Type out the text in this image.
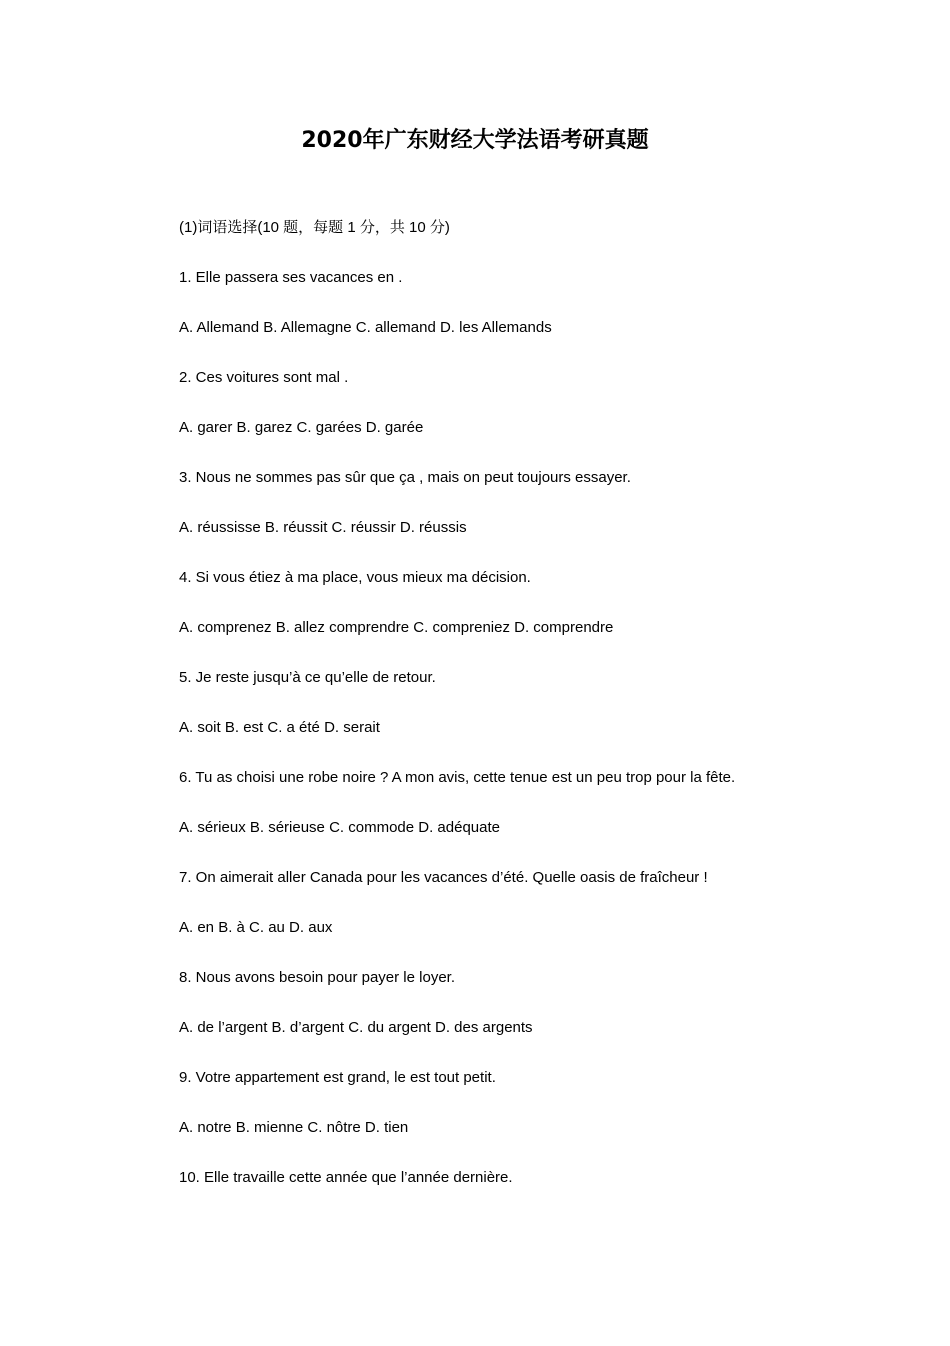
2020年广东财经大学法语考研真题

(1)词语选择(10 题，每题 1 分，共 10 分)

1. Elle passera ses vacances en .

A. Allemand B. Allemagne C. allemand D. les Allemands

2. Ces voitures sont mal .

A. garer B. garez C. garées D. garée

3. Nous ne sommes pas sûr que ça , mais on peut toujours essayer.

A. réussisse B. réussit C. réussir D. réussis

4. Si vous étiez à ma place, vous mieux ma décision.

A. comprenez B. allez comprendre C. compreniez D. comprendre

5. Je reste jusqu’à ce qu’elle de retour.

A. soit B. est C. a été D. serait

6. Tu as choisi une robe noire ? A mon avis, cette tenue est un peu trop pour la fête.

A. sérieux B. sérieuse C. commode D. adéquate

7. On aimerait aller Canada pour les vacances d’été. Quelle oasis de fraîcheur !

A. en B. à C. au D. aux

8. Nous avons besoin pour payer le loyer.

A. de l’argent B. d’argent C. du argent D. des argents

9. Votre appartement est grand, le est tout petit.

A. notre B. mienne C. nôtre D. tien

10. Elle travaille cette année que l’année dernière.
